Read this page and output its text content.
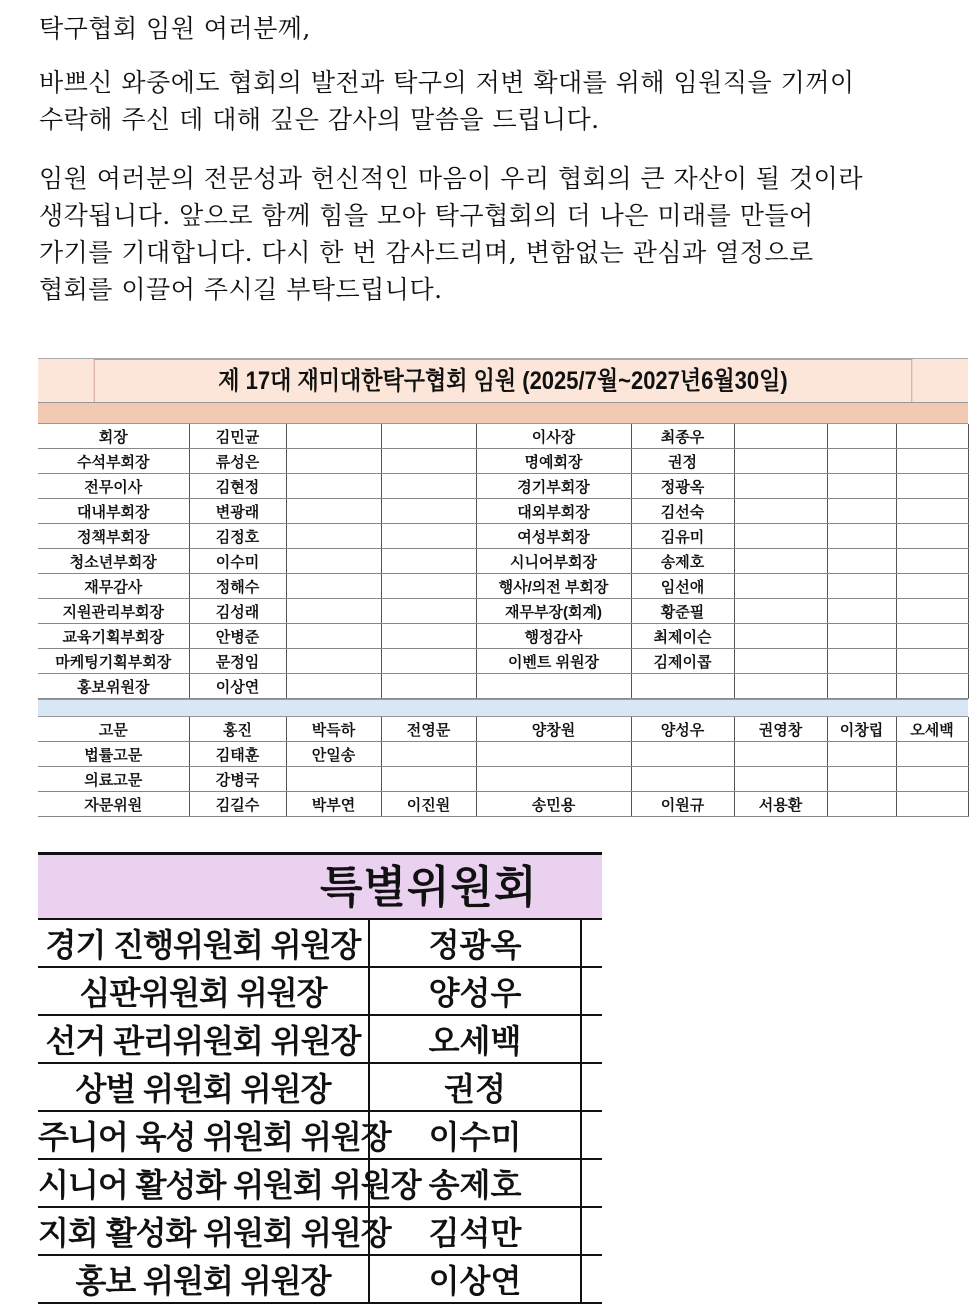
탁구협회 임원 여러분께,

바쁘신 와중에도 협회의 발전과 탁구의 저변 확대를 위해 임원직을 기꺼이
수락해 주신 데 대해 깊은 감사의 말씀을 드립니다.

임원 여러분의 전문성과 헌신적인 마음이 우리 협회의 큰 자산이 될 것이라
생각됩니다. 앞으로 함께 힘을 모아 탁구협회의 더 나은 미래를 만들어
가기를 기대합니다. 다시 한 번 감사드리며, 변함없는 관심과 열정으로
협회를 이끌어 주시길 부탁드립니다.

제 17대 재미대한탁구협회 임원 (2025/7월~2027년6월30일)
회장	김민균			이사장	최종우			
수석부회장	류성은			명예회장	권정			
전무이사	김현정			경기부회장	정광옥			
대내부회장	변광래			대외부회장	김선숙			
정책부회장	김정호			여성부회장	김유미			
청소년부회장	이수미			시니어부회장	송제호			
재무감사	정해수			행사/의전 부회장	임선애			
지원관리부회장	김성래			재무부장(회계)	황준필			
교육기획부회장	안병준			행정감사	최제이슨			
마케팅기획부회장	문정임			이벤트 위원장	김제이콥			
홍보위원장	이상연							
고문	홍진	박득하	전영문	양창원	양성우	권영창	이창립	오세백
법률고문	김태훈	안일송						
의료고문	강병국							
자문위원	김길수	박부연	이진원	송민용	이원규	서용환		
특별위원회
경기 진행위원회 위원장	정광옥	
심판위원회 위원장	양성우	
선거 관리위원회 위원장	오세백	
상벌 위원회 위원장	권정	
주니어 육성 위원회 위원장	이수미	
시니어 활성화 위원회 위원장	송제호	
지회 활성화 위원회 위원장	김석만	
홍보 위원회 위원장	이상연	
